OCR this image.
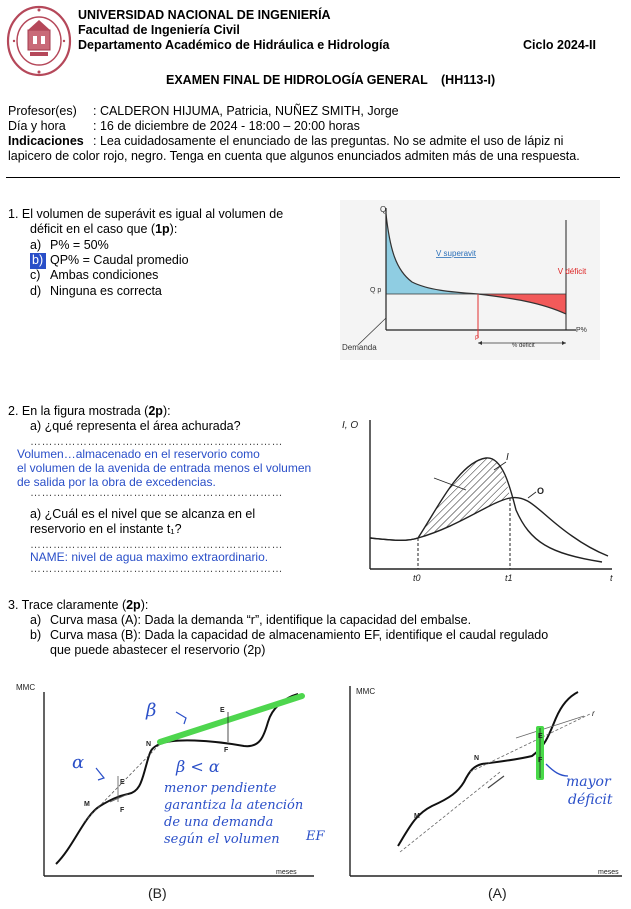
UNIVERSIDAD NACIONAL DE INGENIERÍA
Facultad de Ingeniería Civil
Departamento Académico de Hidráulica e Hidrología	Ciclo 2024-II
EXAMEN FINAL DE HIDROLOGÍA GENERAL (HH113-I)
Profesor(es) : CALDERON HIJUMA, Patricia, NUÑEZ SMITH, Jorge
Día y hora : 16 de diciembre de 2024 - 18:00 – 20:00 horas
Indicaciones : Lea cuidadosamente el enunciado de las preguntas. No se admite el uso de lápiz ni
lapicero de color rojo, negro. Tenga en cuenta que algunos enunciados admiten más de una respuesta.
1. El volumen de superávit es igual al volumen de
déficit en el caso que (1p):
a) P% = 50%
b) QP% = Caudal promedio
c) Ambas condiciones
d) Ninguna es correcta
Q
Q p
V superavit
V déficit
P%
P
% deficit
Demanda
2. En la figura mostrada (2p):
a) ¿qué representa el área achurada?
…………………………………………………………
Volumen…almacenado en el reservorio como
el volumen de la avenida de entrada menos el volumen
de salida por la obra de excedencias.
…………………………………………………………
a) ¿Cuál es el nivel que se alcanza en el
reservorio en el instante t₁?
…………………………………………………………
NAME: nivel de agua maximo extraordinario.
…………………………………………………………
I, O
I
O
t0	t1	t
3. Trace claramente (2p):
a) Curva masa (A): Dada la demanda “r”, identifique la capacidad del embalse.
b) Curva masa (B): Dada la capacidad de almacenamiento EF, identifique el caudal regulado
que puede abastecer el reservorio (2p)
MMC
meses
M
N
E
F
E
F
β
α	β < α
menor pendiente
garantiza la atención
de una demanda
según el volumen EF
(B)
MMC
meses
M
N
E
F
r
mayor
déficit
(A)
